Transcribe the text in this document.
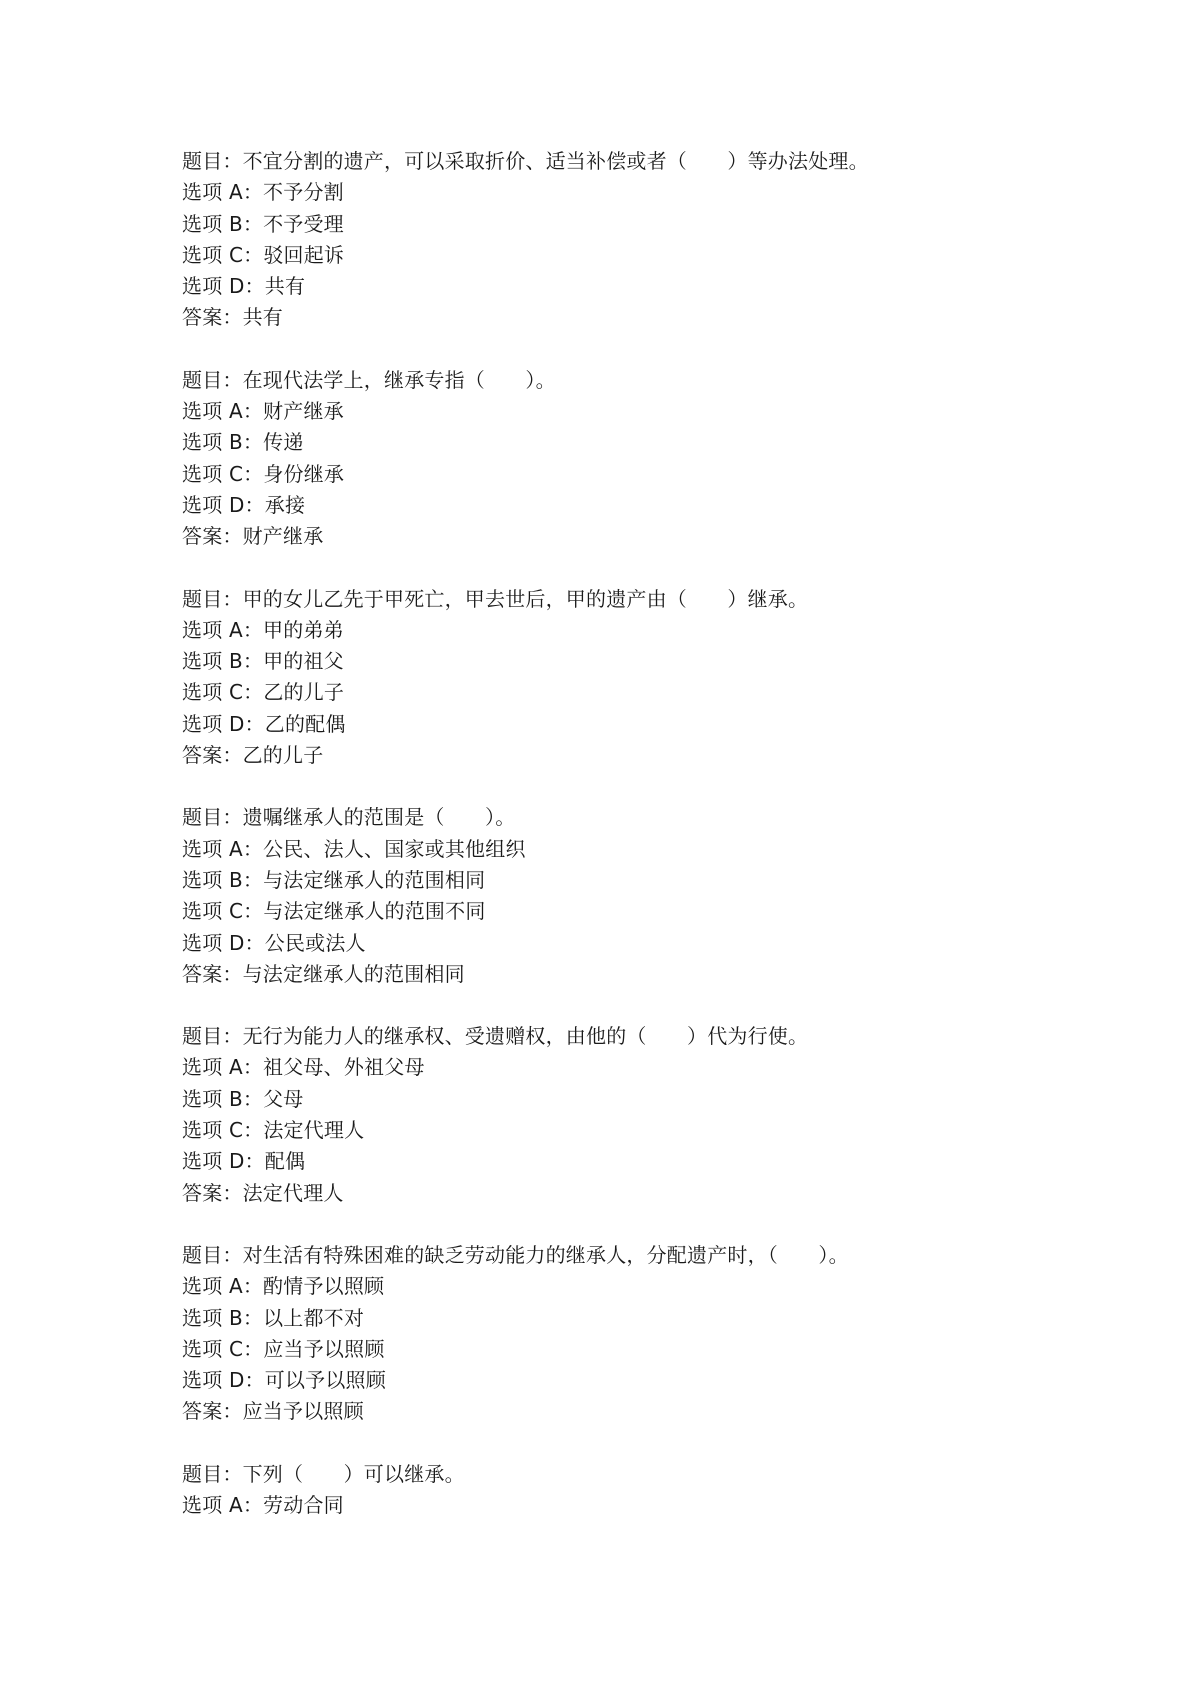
题目：不宜分割的遗产，可以采取折价、适当补偿或者（　　）等办法处理。
选项 A：不予分割
选项 B：不予受理
选项 C：驳回起诉
选项 D：共有
答案：共有
题目：在现代法学上，继承专指（　　）。
选项 A：财产继承
选项 B：传递
选项 C：身份继承
选项 D：承接
答案：财产继承
题目：甲的女儿乙先于甲死亡，甲去世后，甲的遗产由（　　）继承。
选项 A：甲的弟弟
选项 B：甲的祖父
选项 C：乙的儿子
选项 D：乙的配偶
答案：乙的儿子
题目：遗嘱继承人的范围是（　　）。
选项 A：公民、法人、国家或其他组织
选项 B：与法定继承人的范围相同
选项 C：与法定继承人的范围不同
选项 D：公民或法人
答案：与法定继承人的范围相同
题目：无行为能力人的继承权、受遗赠权，由他的（　　）代为行使。
选项 A：祖父母、外祖父母
选项 B：父母
选项 C：法定代理人
选项 D：配偶
答案：法定代理人
题目：对生活有特殊困难的缺乏劳动能力的继承人，分配遗产时，（　　）。
选项 A：酌情予以照顾
选项 B：以上都不对
选项 C：应当予以照顾
选项 D：可以予以照顾
答案：应当予以照顾
题目：下列（　　）可以继承。
选项 A：劳动合同
